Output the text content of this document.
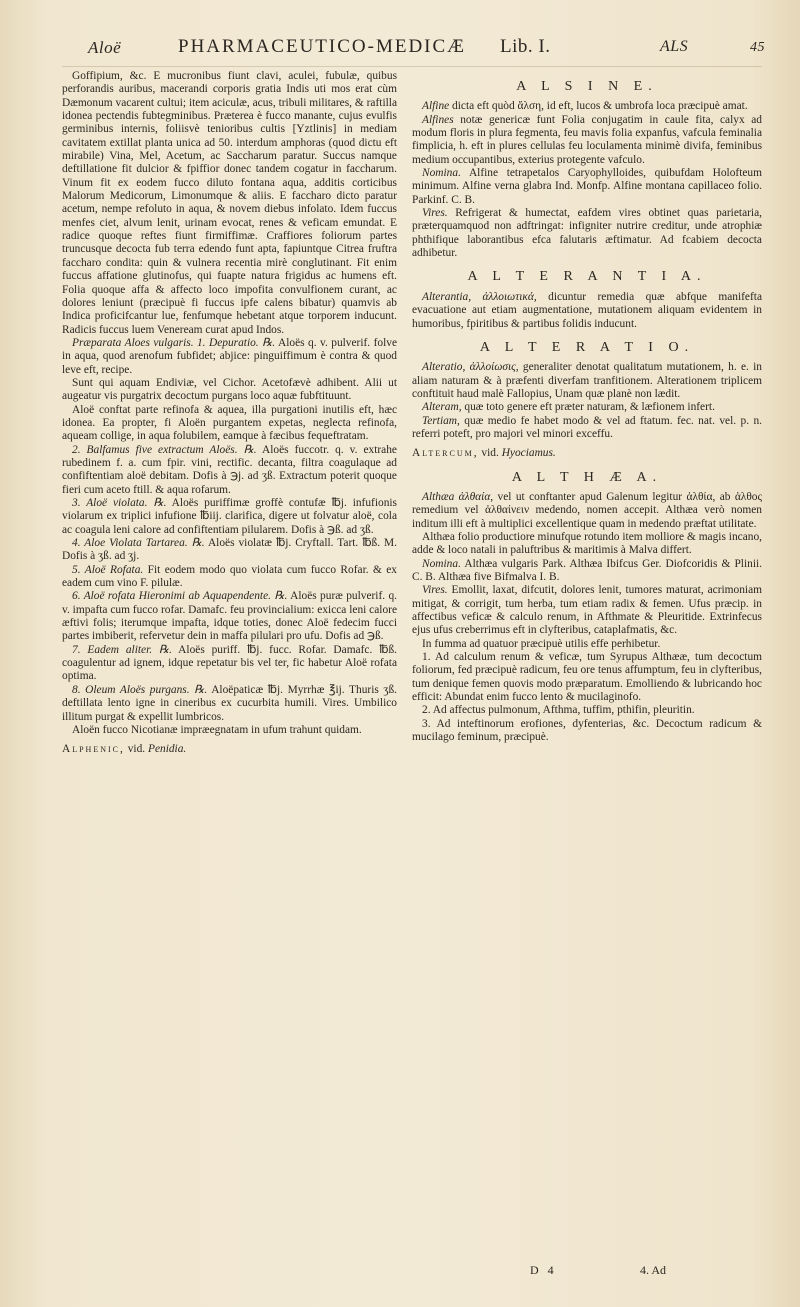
Aloë	PHARMACEUTICO-MEDICÆ Lib. I.	ALS	45

Goffipium, &c. E mucronibus fiunt clavi, aculei, fubulæ, quibus perforandis auribus, macerandi corporis gratia Indis uti mos erat cùm Dæmonum vacarent cultui; item aciculæ, acus, tribuli militares, & raftilla idonea pectendis fubtegminibus. Præterea è fucco manante, cujus evulfis germinibus internis, foliisvè tenioribus cultis [Yztlinis] in mediam cavitatem extillat planta unica ad 50. interdum amphoras (quod dictu eft mirabile) Vina, Mel, Acetum, ac Saccharum paratur. Succus namque deftillatione fit dulcior & fpiffior donec tandem cogatur in faccharum. Vinum fit ex eodem fucco diluto fontana aqua, additis corticibus Malorum Medicorum, Limonumque & aliis. E faccharo dicto paratur acetum, nempe refoluto in aqua, & novem diebus infolato. Idem fuccus menfes ciet, alvum lenit, urinam evocat, renes & veficam emundat. E radice quoque reftes fiunt firmiffimæ. Craffiores foliorum partes truncusque decocta fub terra edendo funt apta, fapiuntque Citrea fruftra faccharo condita: quin & vulnera recentia mirè conglutinant. Fit enim fuccus affatione glutinofus, qui fuapte natura frigidus ac humens eft. Folia quoque affa & affecto loco impofita convulfionem curant, ac dolores leniunt (præcipuè fi fuccus ipfe calens bibatur) quamvis ab Indica proficifcantur lue, fenfumque hebetant atque torporem inducunt. Radicis fuccus luem Veneream curat apud Indos.

Præparata Aloes vulgaris. 1. Depuratio. ℞. Aloës q. v. pulverif. folve in aqua, quod arenofum fubfidet; abjice: pinguiffimum è contra & quod leve eft, recipe.

Sunt qui aquam Endiviæ, vel Cichor. Acetofævè adhibent. Alii ut augeatur vis purgatrix decoctum purgans loco aquæ fubftituunt.

Aloë conftat parte refinofa & aquea, illa purgationi inutilis eft, hæc idonea. Ea propter, fi Aloën purgantem expetas, neglecta refinofa, aqueam collige, in aqua folubilem, eamque à fæcibus fequeftratam.

2. Balfamus five extractum Aloës. ℞. Aloës fuccotr. q. v. extrahe rubedinem f. a. cum fpir. vini, rectific. decanta, filtra coagulaque ad confiftentiam aloë debitam. Dofis à ℈j. ad ʒß. Extractum poterit quoque fieri cum aceto ftill. & aqua rofarum.

3. Aloë violata. ℞. Aloës puriffimæ groffè contufæ ℔j. infufionis violarum ex triplici infufione ℔iij. clarifica, digere ut folvatur aloë, cola ac coagula leni calore ad confiftentiam pilularem. Dofis à ℈ß. ad ʒß.

4. Aloe Violata Tartarea. ℞. Aloës violatæ ℔j. Cryftall. Tart. ℔ß. M. Dofis à ʒß. ad ʒj.

5. Aloë Rofata. Fit eodem modo quo violata cum fucco Rofar. & ex eadem cum vino F. pilulæ.

6. Aloë rofata Hieronimi ab Aquapendente. ℞. Aloës puræ pulverif. q. v. impafta cum fucco rofar. Damafc. feu provincialium: exicca leni calore æftivi folis; iterumque impafta, idque toties, donec Aloë fedecim fucci partes imbiberit, refervetur dein in maffa pilulari pro ufu. Dofis ad ℈ß.

7. Eadem aliter. ℞. Aloës puriff. ℔j. fucc. Rofar. Damafc. ℔ß. coagulentur ad ignem, idque repetatur bis vel ter, fic habetur Aloë rofata optima.

8. Oleum Aloës purgans. ℞. Aloëpaticæ ℔j. Myrrhæ ℥ij. Thuris ʒß. deftillata lento igne in cineribus ex cucurbita humili. Vires. Umbilico illitum purgat & expellit lumbricos.

Aloën fucco Nicotianæ impræegnatam in ufum trahunt quidam.

Alphenic, vid. Penidia.

A L S I N E.

Alfine dicta eft quòd ἄλση, id eft, lucos & umbrofa loca præcipuè amat.

Alfines notæ genericæ funt Folia conjugatim in caule fita, calyx ad modum floris in plura fegmenta, feu mavis folia expanfus, vafcula feminalia fimplicia, h. eft in plures cellulas feu loculamenta minimè divifa, feminibus medium occupantibus, exterius protegente vafculo.

Nomina. Alfine tetrapetalos Caryophylloides, quibufdam Holofteum minimum. Alfine verna glabra Ind. Monfp. Alfine montana capillaceo folio. Parkinf. C. B.

Vires. Refrigerat & humectat, eafdem vires obtinet quas parietaria, præterquamquod non adftringat: infigniter nutrire creditur, unde atrophiæ phthifique laborantibus efca falutaris æftimatur. Ad fcabiem decocta adhibetur.

A L T E R A N T I A.

Alterantia, ἀλλοιωτικά, dicuntur remedia quæ abfque manifefta evacuatione aut etiam augmentatione, mutationem aliquam evidentem in humoribus, fpiritibus & partibus folidis inducunt.

A L T E R A T I O.

Alteratio, ἀλλοίωσις, generaliter denotat qualitatum mutationem, h. e. in aliam naturam & à præfenti diverfam tranfitionem. Alterationem triplicem conftituit haud malè Fallopius, Unam quæ planè non lædit.

Alteram, quæ toto genere eft præter naturam, & læfionem infert.

Tertiam, quæ medio fe habet modo & vel ad ftatum. fec. nat. vel. p. n. referri poteft, pro majori vel minori exceffu.

Altercum, vid. Hyociamus.

A L T H Æ A.

Althæa ἀλθαία, vel ut conftanter apud Galenum legitur ἀλθία, ab ἀλθος remedium vel ἀλθαίνειν medendo, nomen accepit. Althæa verò nomen inditum illi eft à multiplici excellentique quam in medendo præftat utilitate.

Althæa folio productiore minufque rotundo item molliore & magis incano, adde & loco natali in paluftribus & maritimis à Malva differt.

Nomina. Althæa vulgaris Park. Althæa Ibifcus Ger. Diofcoridis & Plinii. C. B. Althæa five Bifmalva I. B.

Vires. Emollit, laxat, difcutit, dolores lenit, tumores maturat, acrimoniam mitigat, & corrigit, tum herba, tum etiam radix & femen. Ufus præcip. in affectibus veficæ & calculo renum, in Afthmate & Pleuritide. Extrinfecus ejus ufus creberrimus eft in clyfteribus, cataplafmatis, &c.

In fumma ad quatuor præcipuè utilis effe perhibetur.

1. Ad calculum renum & veficæ, tum Syrupus Althææ, tum decoctum foliorum, fed præcipuè radicum, feu ore tenus affumptum, feu in clyfteribus, tum denique femen quovis modo præparatum. Emolliendo & lubricando hoc efficit: Abundat enim fucco lento & mucilaginofo.

2. Ad affectus pulmonum, Afthma, tuffim, pthifin, pleuritin.

3. Ad inteftinorum erofiones, dyfenterias, &c. Decoctum radicum & mucilago feminum, præcipuè.

D 4	4. Ad
